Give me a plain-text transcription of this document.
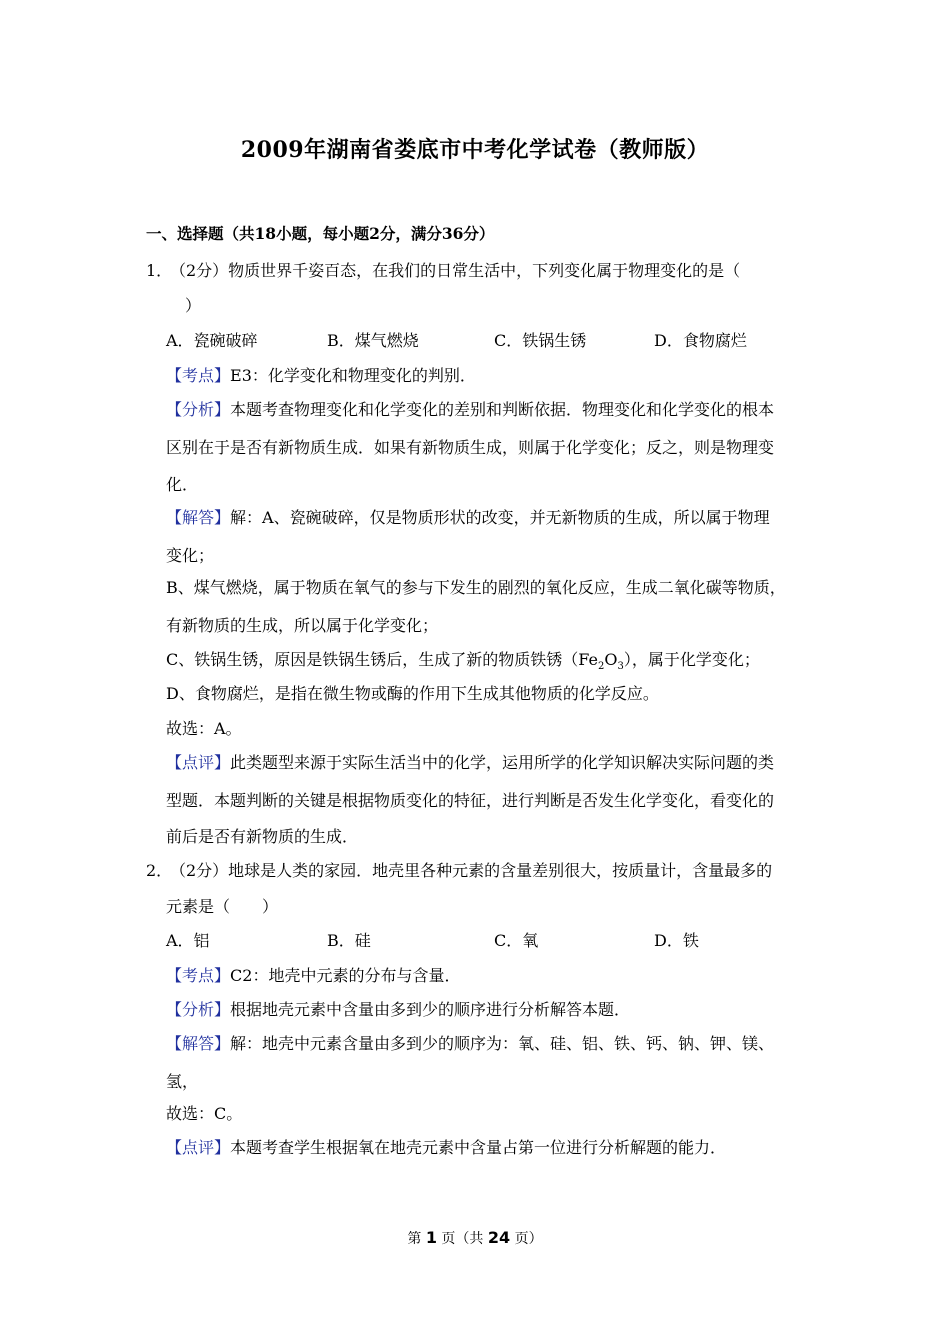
2009年湖南省娄底市中考化学试卷（教师版）
一、选择题（共18小题，每小题2分，满分36分）
1．
（2分）物质世界千姿百态，在我们的日常生活中，下列变化属于物理变化的是（
）
A．瓷碗破碎	B．煤气燃烧	C．铁锅生锈	D．食物腐烂
【考点】E3：化学变化和物理变化的判别．
【分析】本题考查物理变化和化学变化的差别和判断依据．物理变化和化学变化的根本
区别在于是否有新物质生成．如果有新物质生成，则属于化学变化；反之，则是物理变
化．
【解答】解：A、瓷碗破碎，仅是物质形状的改变，并无新物质的生成，所以属于物理
变化；
B、煤气燃烧，属于物质在氧气的参与下发生的剧烈的氧化反应，生成二氧化碳等物质，
有新物质的生成，所以属于化学变化；
C、铁锅生锈，原因是铁锅生锈后，生成了新的物质铁锈$(Fe_2O_3)$，属于化学变化；
D、食物腐烂，是指在微生物或酶的作用下生成其他物质的化学反应。
故选：A。
【点评】此类题型来源于实际生活当中的化学，运用所学的化学知识解决实际问题的类
型题．本题判断的关键是根据物质变化的特征，进行判断是否发生化学变化，看变化的
前后是否有新物质的生成．
2．
（2分）地球是人类的家园．地壳里各种元素的含量差别很大，按质量计，含量最多的
元素是（　　）
A．铝	B．硅	C．氧	D．铁
【考点】C2：地壳中元素的分布与含量．
【分析】根据地壳元素中含量由多到少的顺序进行分析解答本题．
【解答】解：地壳中元素含量由多到少的顺序为：氧、硅、铝、铁、钙、钠、钾、镁、
氢，
故选：C。
【点评】本题考查学生根据氧在地壳元素中含量占第一位进行分析解题的能力．
第 1 页（共 24 页）
